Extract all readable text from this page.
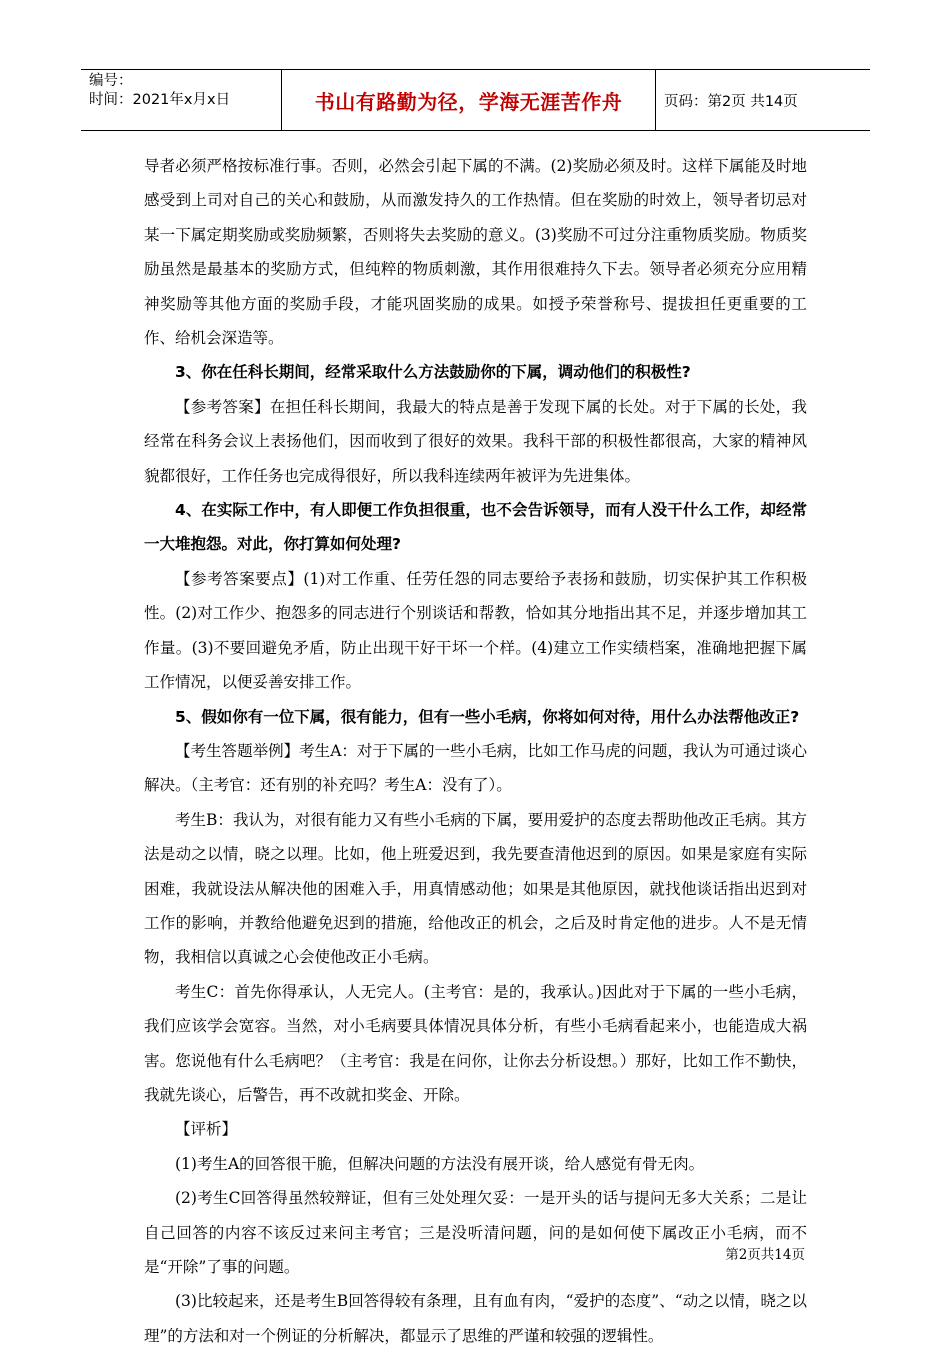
编号：
时间：2021年x月x日	书山有路勤为径，学海无涯苦作舟	页码：第2页 共14页

导者必须严格按标准行事。否则，必然会引起下属的不满。(2)奖励必须及时。这样下属能及时地感受到上司对自己的关心和鼓励，从而激发持久的工作热情。但在奖励的时效上，领导者切忌对某一下属定期奖励或奖励频繁，否则将失去奖励的意义。(3)奖励不可过分注重物质奖励。物质奖励虽然是最基本的奖励方式，但纯粹的物质刺激，其作用很难持久下去。领导者必须充分应用精神奖励等其他方面的奖励手段，才能巩固奖励的成果。如授予荣誉称号、提拔担任更重要的工作、给机会深造等。

3、你在任科长期间，经常采取什么方法鼓励你的下属，调动他们的积极性?

【参考答案】在担任科长期间，我最大的特点是善于发现下属的长处。对于下属的长处，我经常在科务会议上表扬他们，因而收到了很好的效果。我科干部的积极性都很高，大家的精神风貌都很好，工作任务也完成得很好，所以我科连续两年被评为先进集体。

4、在实际工作中，有人即便工作负担很重，也不会告诉领导，而有人没干什么工作，却经常一大堆抱怨。对此，你打算如何处理?

【参考答案要点】(1)对工作重、任劳任怨的同志要给予表扬和鼓励，切实保护其工作积极性。(2)对工作少、抱怨多的同志进行个别谈话和帮教，恰如其分地指出其不足，并逐步增加其工作量。(3)不要回避免矛盾，防止出现干好干坏一个样。(4)建立工作实绩档案，准确地把握下属工作情况，以便妥善安排工作。

5、假如你有一位下属，很有能力，但有一些小毛病，你将如何对待，用什么办法帮他改正?

【考生答题举例】考生A：对于下属的一些小毛病，比如工作马虎的问题，我认为可通过谈心解决。（主考官：还有别的补充吗？考生A：没有了）。

考生B：我认为，对很有能力又有些小毛病的下属，要用爱护的态度去帮助他改正毛病。其方法是动之以情，晓之以理。比如，他上班爱迟到，我先要查清他迟到的原因。如果是家庭有实际困难，我就设法从解决他的困难入手，用真情感动他；如果是其他原因，就找他谈话指出迟到对工作的影响，并教给他避免迟到的措施，给他改正的机会，之后及时肯定他的进步。人不是无情物，我相信以真诚之心会使他改正小毛病。

考生C：首先你得承认，人无完人。(主考官：是的，我承认。)因此对于下属的一些小毛病，我们应该学会宽容。当然，对小毛病要具体情况具体分析，有些小毛病看起来小，也能造成大祸害。您说他有什么毛病吧？（主考官：我是在问你，让你去分析设想。）那好，比如工作不勤快，我就先谈心，后警告，再不改就扣奖金、开除。

【评析】

(1)考生A的回答很干脆，但解决问题的方法没有展开谈，给人感觉有骨无肉。

(2)考生C回答得虽然较辩证，但有三处处理欠妥：一是开头的话与提问无多大关系；二是让自己回答的内容不该反过来问主考官；三是没听清问题，问的是如何使下属改正小毛病，而不是“开除”了事的问题。

(3)比较起来，还是考生B回答得较有条理，且有血有肉，“爱护的态度”、“动之以情，晓之以理”的方法和对一个例证的分析解决，都显示了思维的严谨和较强的逻辑性。

第2页共14页
